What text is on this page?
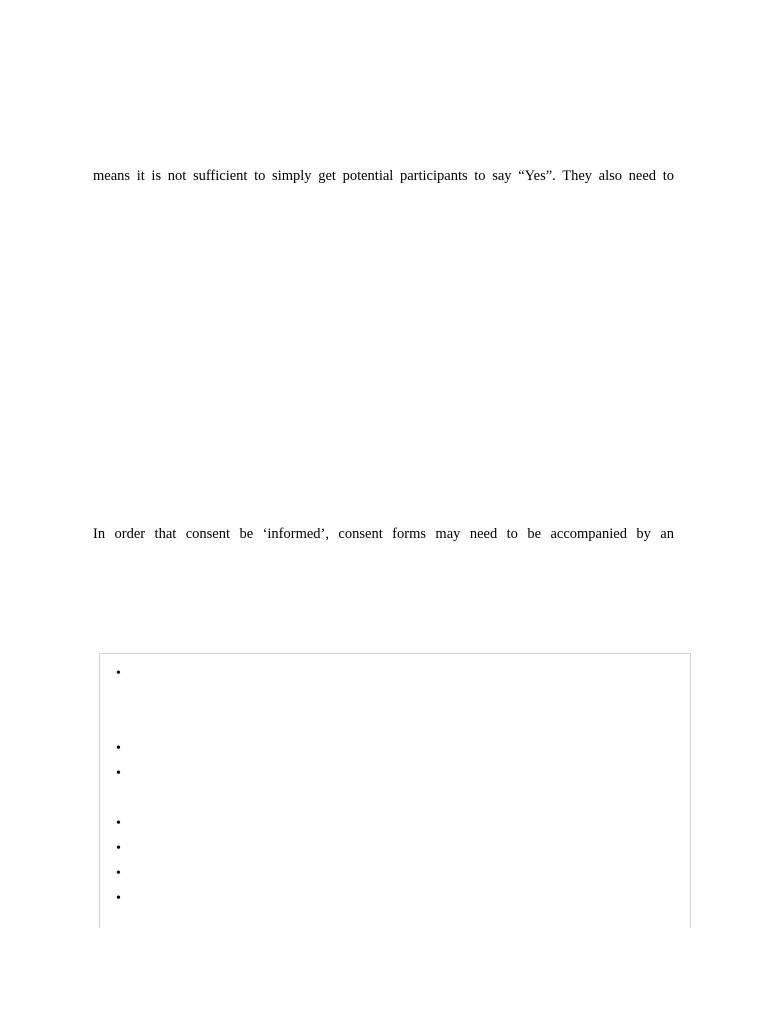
means it is not sufficient to simply get potential participants to say “Yes”. They also need to
In order that consent be ‘informed’, consent forms may need to be accompanied by an
•
•
•
•
•
•
•
